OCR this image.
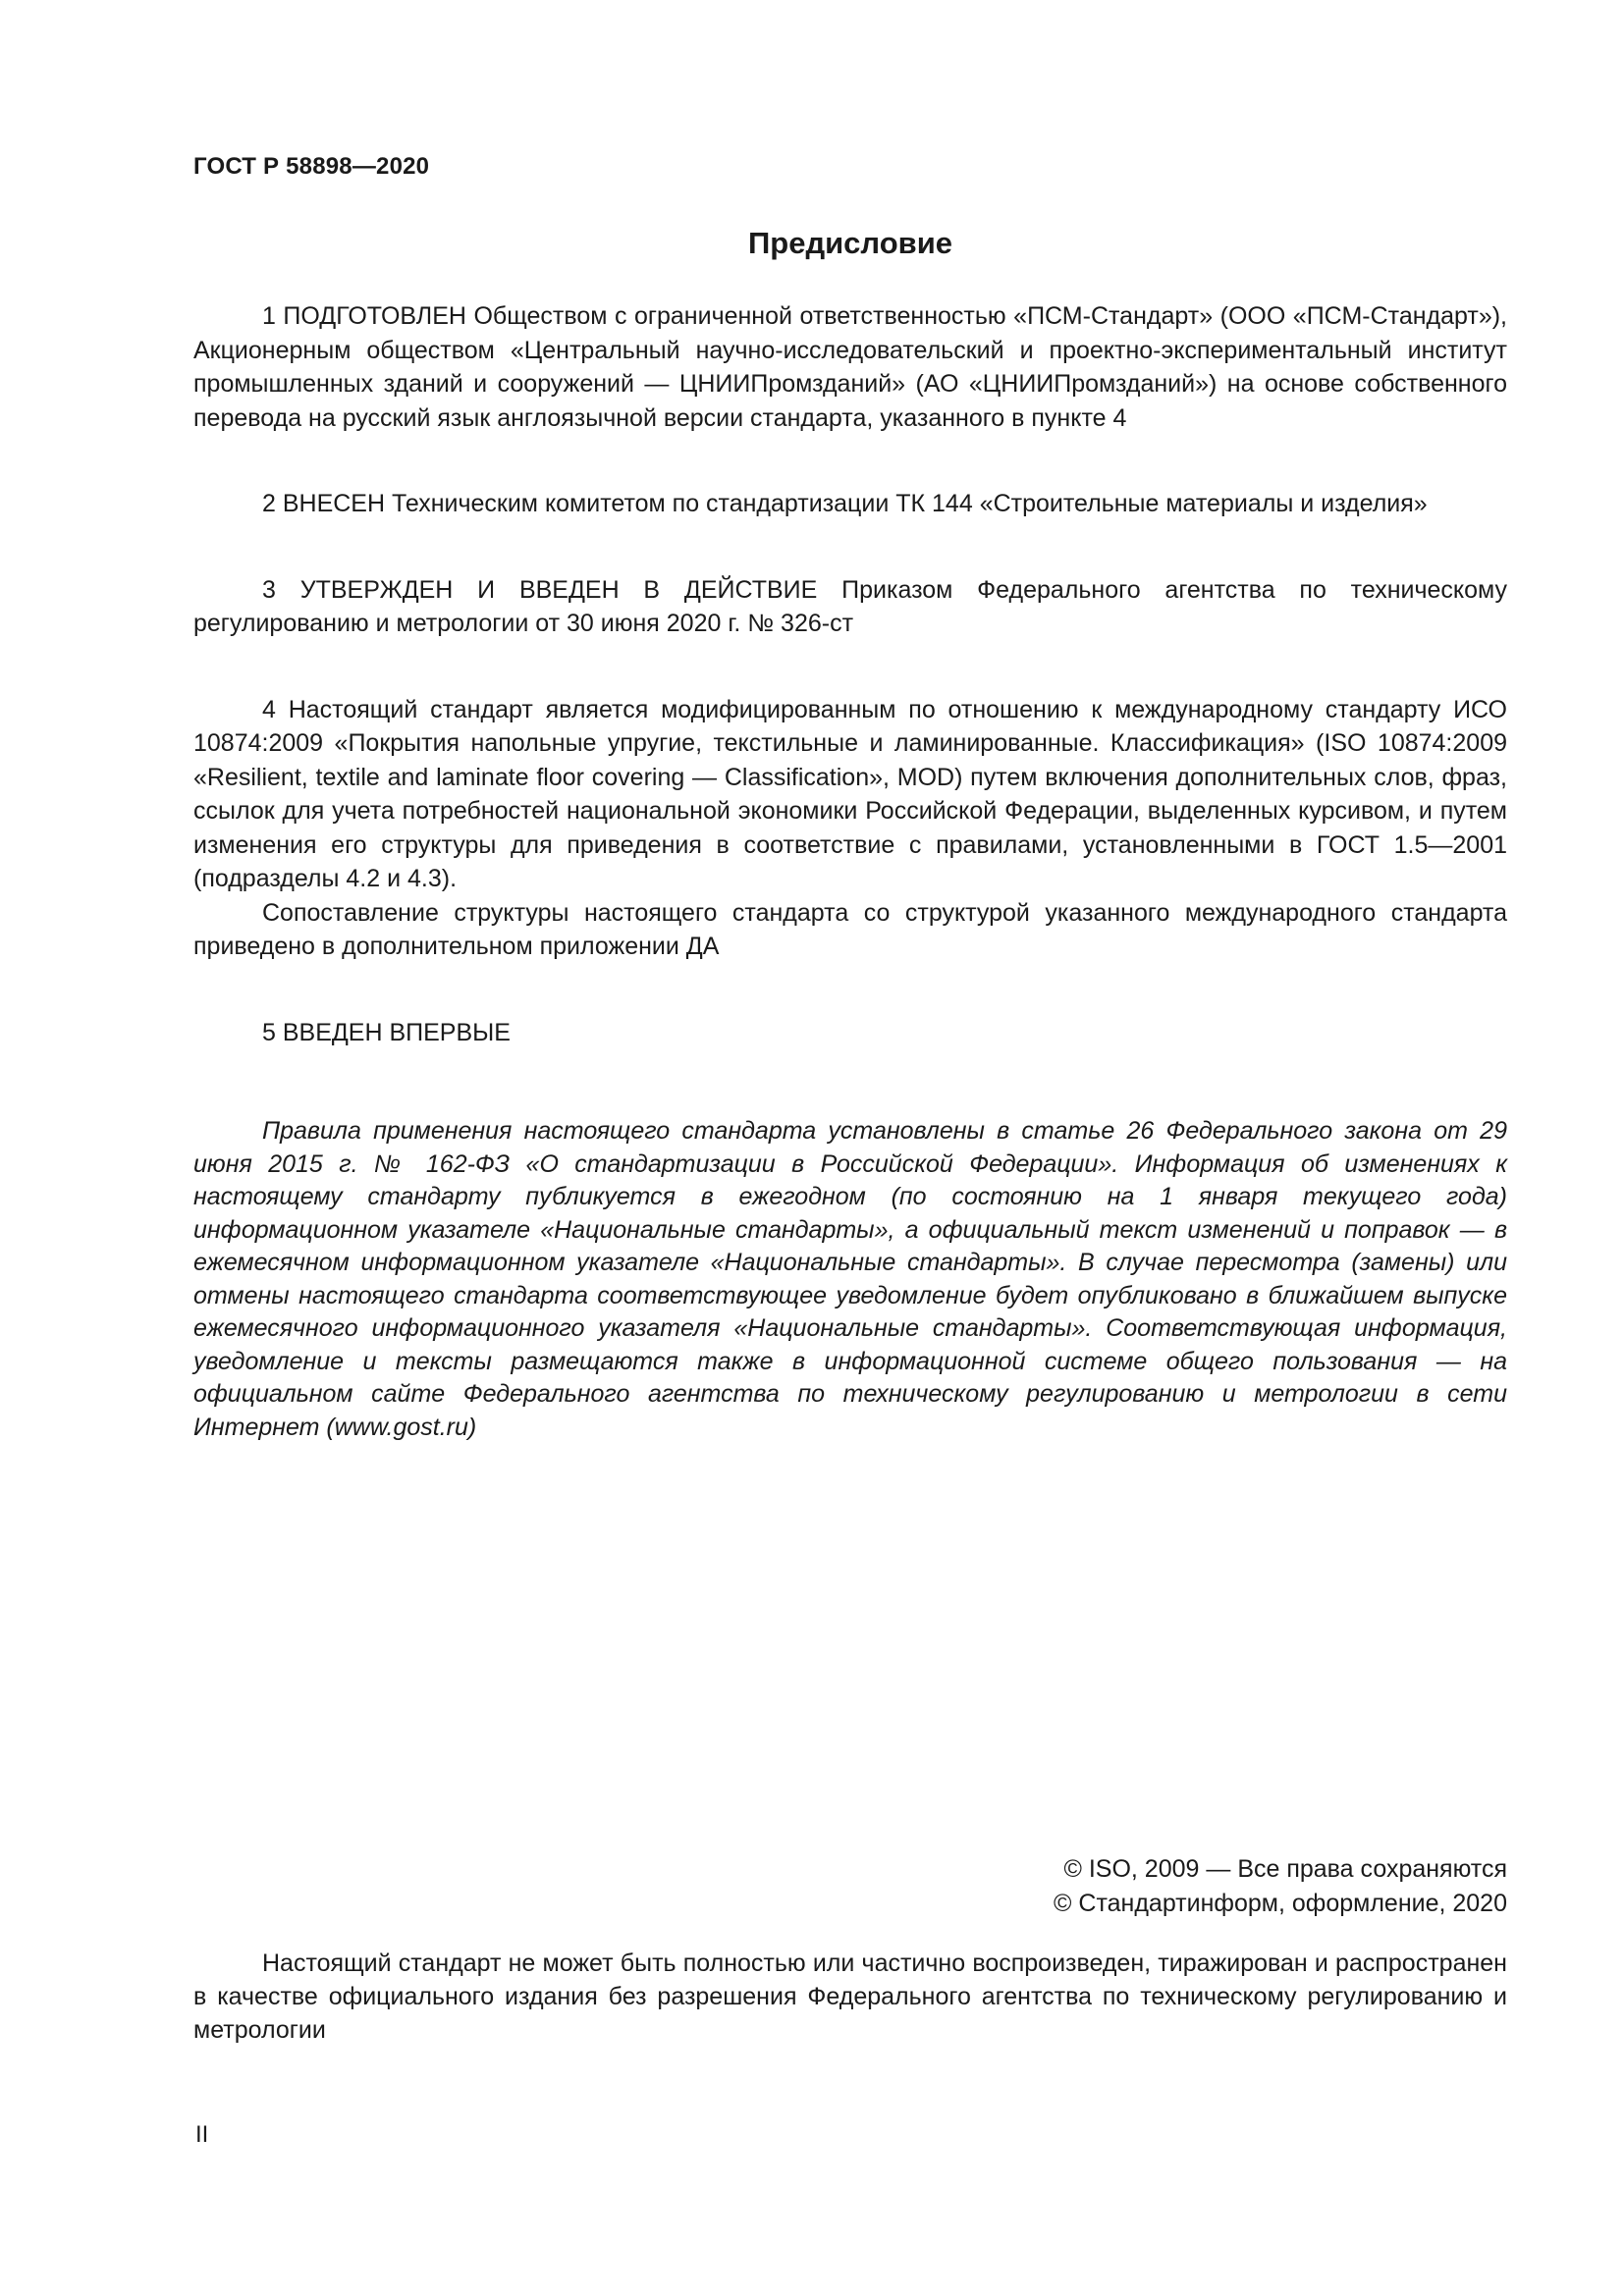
ГОСТ Р 58898—2020
Предисловие

1 ПОДГОТОВЛЕН Обществом с ограниченной ответственностью «ПСМ-Стандарт» (ООО «ПСМ-Стандарт»), Акционерным обществом «Центральный научно-исследовательский и проектно-экспериментальный институт промышленных зданий и сооружений — ЦНИИПромзданий» (АО «ЦНИИПромзданий») на основе собственного перевода на русский язык англоязычной версии стандарта, указанного в пункте 4

2 ВНЕСЕН Техническим комитетом по стандартизации ТК 144 «Строительные материалы и изделия»

3 УТВЕРЖДЕН И ВВЕДЕН В ДЕЙСТВИЕ Приказом Федерального агентства по техническому регулированию и метрологии от 30 июня 2020 г. № 326-ст

4 Настоящий стандарт является модифицированным по отношению к международному стандарту ИСО 10874:2009 «Покрытия напольные упругие, текстильные и ламинированные. Классификация» (ISO 10874:2009 «Resilient, textile and laminate floor covering — Classification», MOD) путем включения дополнительных слов, фраз, ссылок для учета потребностей национальной экономики Российской Федерации, выделенных курсивом, и путем изменения его структуры для приведения в соответствие с правилами, установленными в ГОСТ 1.5—2001 (подразделы 4.2 и 4.3).

Сопоставление структуры настоящего стандарта со структурой указанного международного стандарта приведено в дополнительном приложении ДА

5 ВВЕДЕН ВПЕРВЫЕ

Правила применения настоящего стандарта установлены в статье 26 Федерального закона от 29 июня 2015 г. № 162-ФЗ «О стандартизации в Российской Федерации». Информация об изменениях к настоящему стандарту публикуется в ежегодном (по состоянию на 1 января текущего года) информационном указателе «Национальные стандарты», а официальный текст изменений и поправок — в ежемесячном информационном указателе «Национальные стандарты». В случае пересмотра (замены) или отмены настоящего стандарта соответствующее уведомление будет опубликовано в ближайшем выпуске ежемесячного информационного указателя «Национальные стандарты». Соответствующая информация, уведомление и тексты размещаются также в информационной системе общего пользования — на официальном сайте Федерального агентства по техническому регулированию и метрологии в сети Интернет (www.gost.ru)

© ISO, 2009 — Все права сохраняются
© Стандартинформ, оформление, 2020

Настоящий стандарт не может быть полностью или частично воспроизведен, тиражирован и распространен в качестве официального издания без разрешения Федерального агентства по техническому регулированию и метрологии

II
